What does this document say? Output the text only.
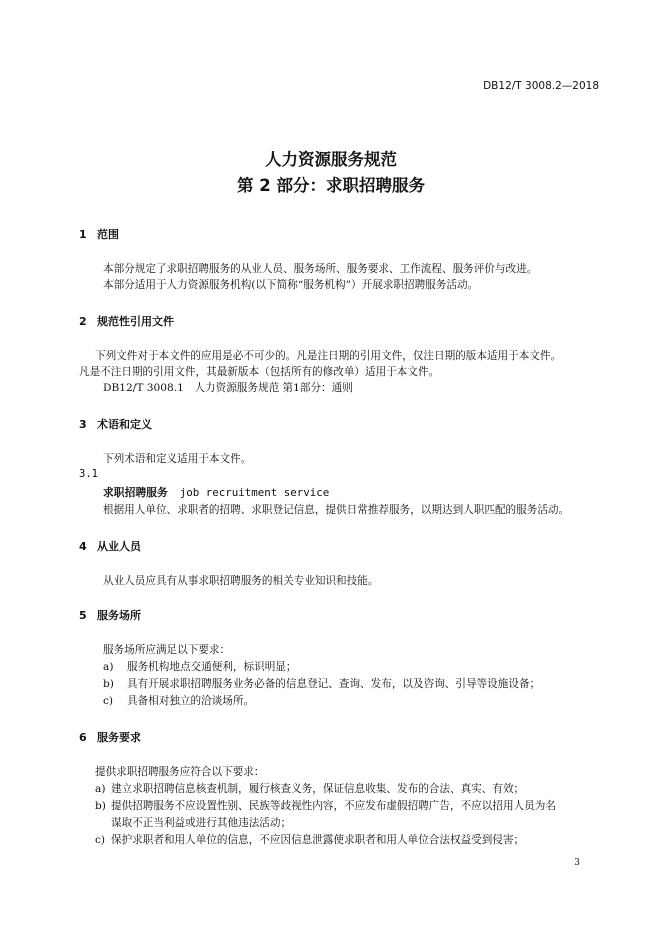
DB12/T 3008.2—2018
人力资源服务规范
第 2 部分：求职招聘服务
1 范围
本部分规定了求职招聘服务的从业人员、服务场所、服务要求、工作流程、服务评价与改进。
本部分适用于人力资源服务机构(以下简称“服务机构”）开展求职招聘服务活动。
2 规范性引用文件
下列文件对于本文件的应用是必不可少的。凡是注日期的引用文件，仅注日期的版本适用于本文件。
凡是不注日期的引用文件，其最新版本（包括所有的修改单）适用于本文件。
DB12/T 3008.1　人力资源服务规范 第1部分：通则
3 术语和定义
下列术语和定义适用于本文件。
3.1
求职招聘服务 job recruitment service
根据用人单位、求职者的招聘、求职登记信息，提供日常推荐服务，以期达到人职匹配的服务活动。
4 从业人员
从业人员应具有从事求职招聘服务的相关专业知识和技能。
5 服务场所
服务场所应满足以下要求：
a) 服务机构地点交通便利，标识明显；
b) 具有开展求职招聘服务业务必备的信息登记、查询、发布，以及咨询、引导等设施设备；
c) 具备相对独立的洽谈场所。
6 服务要求
提供求职招聘服务应符合以下要求：
a) 建立求职招聘信息核查机制，履行核查义务，保证信息收集、发布的合法、真实、有效；
b) 提供招聘服务不应设置性别、民族等歧视性内容，不应发布虚假招聘广告，不应以招用人员为名
谋取不正当利益或进行其他违法活动；
c) 保护求职者和用人单位的信息，不应因信息泄露使求职者和用人单位合法权益受到侵害；
3
